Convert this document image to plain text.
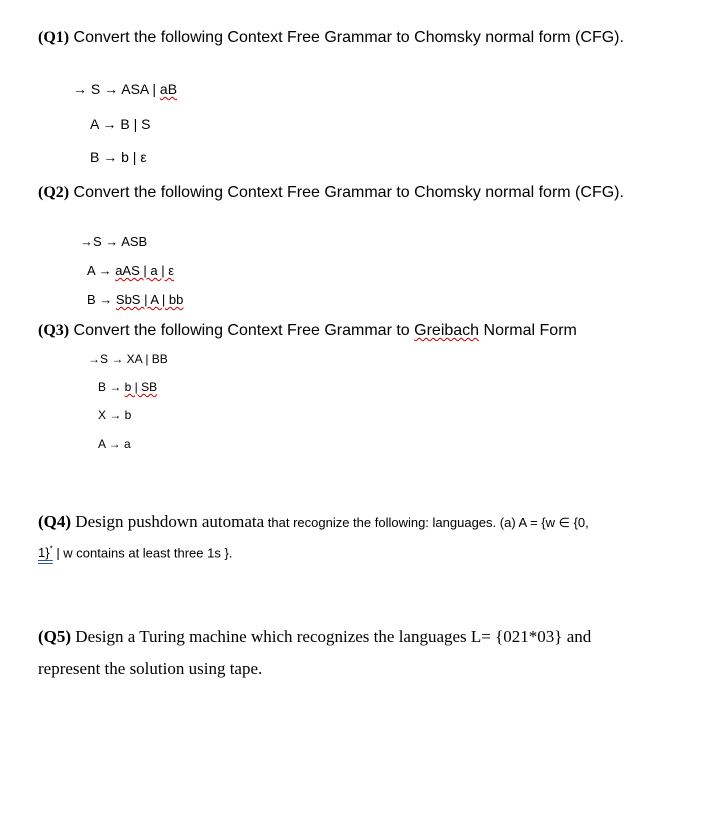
(Q1) Convert the following Context Free Grammar to Chomsky normal form (CFG).
→ S → ASA | aB
A → B | S
B → b | ε
(Q2) Convert the following Context Free Grammar to Chomsky normal form (CFG).
→S → ASB
A → aAS | a | ε
B → SbS | A | bb
(Q3) Convert the following Context Free Grammar to Greibach Normal Form
→S → XA | BB
B → b | SB
X → b
A → a
(Q4) Design pushdown automata that recognize the following: languages. (a) A = {w ∈ {0,
1}* | w contains at least three 1s }.
(Q5) Design a Turing machine which recognizes the languages L= {021*03} and
represent the solution using tape.
